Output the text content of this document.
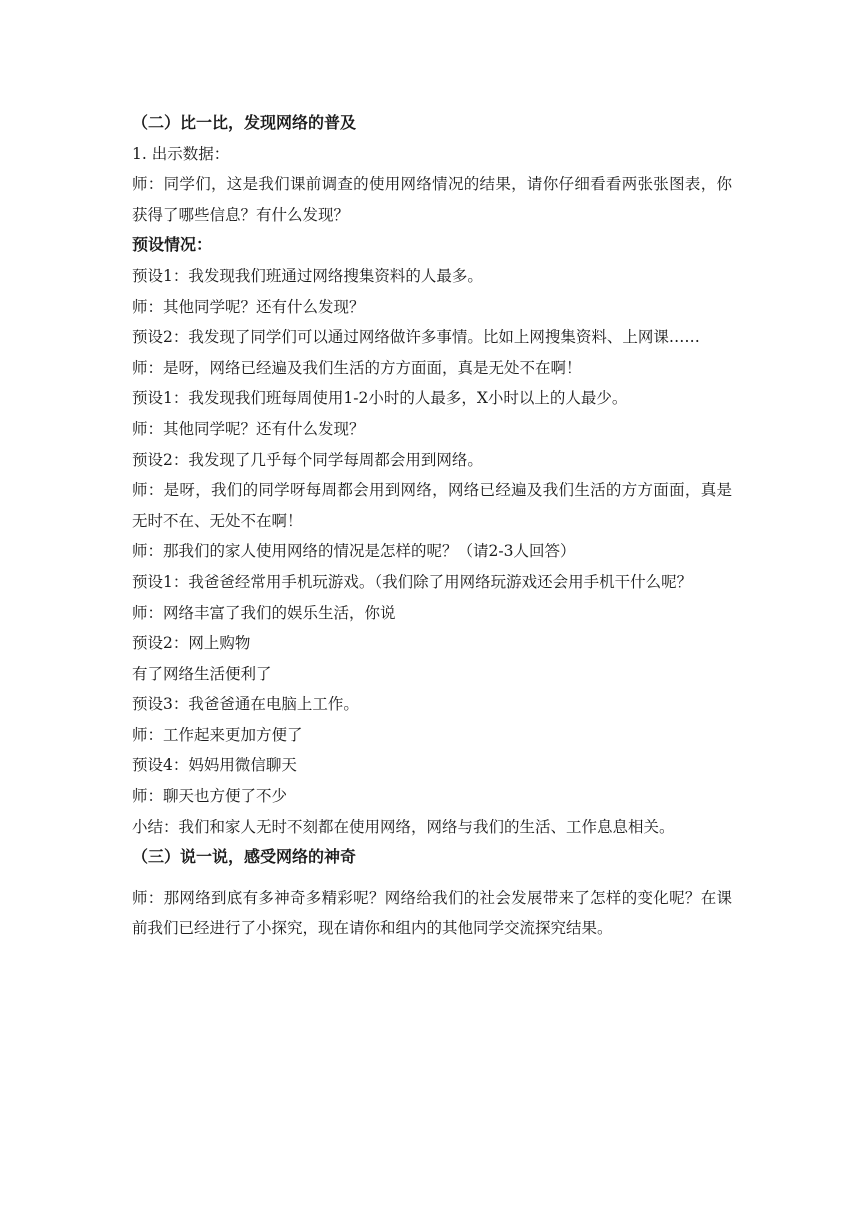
（二）比一比，发现网络的普及

1. 出示数据：

师：同学们，这是我们课前调查的使用网络情况的结果，请你仔细看看两张张图表，你获得了哪些信息？有什么发现？

预设情况：

预设1：我发现我们班通过网络搜集资料的人最多。

师：其他同学呢？还有什么发现？

预设2：我发现了同学们可以通过网络做许多事情。比如上网搜集资料、上网课……

师：是呀，网络已经遍及我们生活的方方面面，真是无处不在啊！

预设1：我发现我们班每周使用1-2小时的人最多，X小时以上的人最少。

师：其他同学呢？还有什么发现？

预设2：我发现了几乎每个同学每周都会用到网络。

师：是呀，我们的同学呀每周都会用到网络，网络已经遍及我们生活的方方面面，真是无时不在、无处不在啊！

师：那我们的家人使用网络的情况是怎样的呢？（请2-3人回答）

预设1：我爸爸经常用手机玩游戏。（我们除了用网络玩游戏还会用手机干什么呢？

师：网络丰富了我们的娱乐生活，你说

预设2：网上购物

有了网络生活便利了

预设3：我爸爸通在电脑上工作。

师：工作起来更加方便了

预设4：妈妈用微信聊天

师：聊天也方便了不少

小结：我们和家人无时不刻都在使用网络，网络与我们的生活、工作息息相关。

（三）说一说，感受网络的神奇

师：那网络到底有多神奇多精彩呢？网络给我们的社会发展带来了怎样的变化呢？在课前我们已经进行了小探究，现在请你和组内的其他同学交流探究结果。
